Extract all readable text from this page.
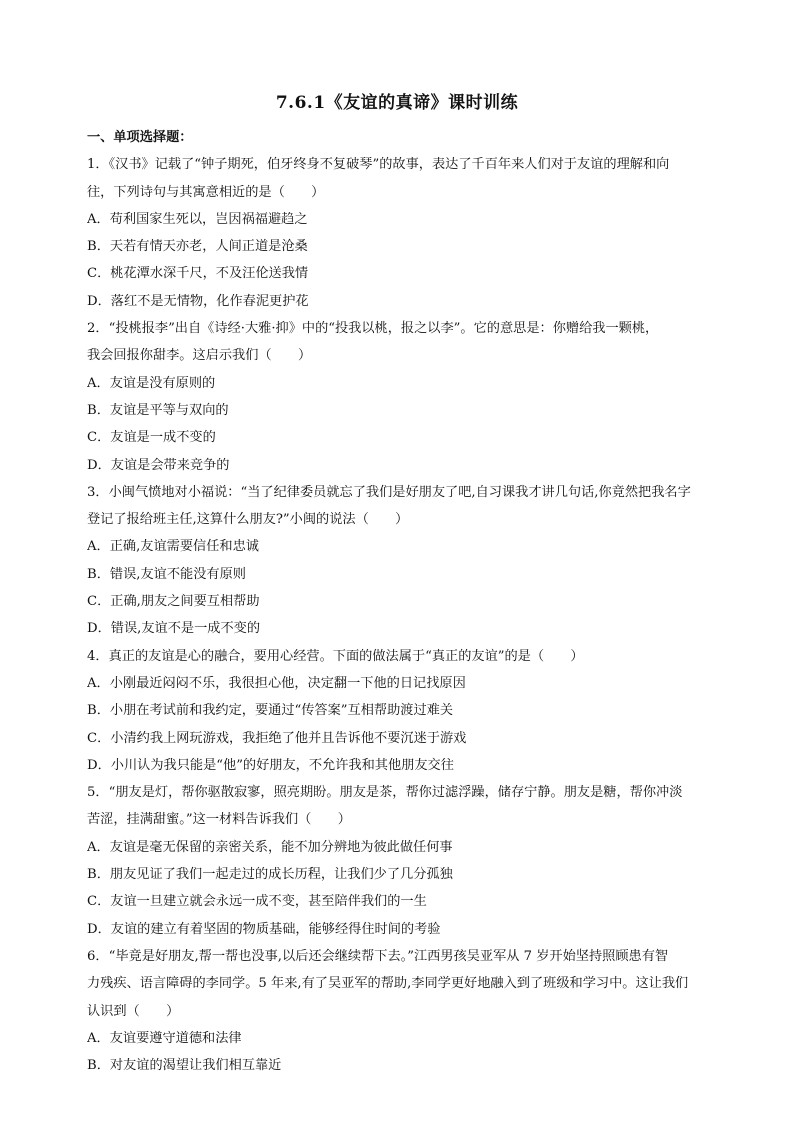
7.6.1《友谊的真谛》课时训练
一、单项选择题：
1．《汉书》记载了“钟子期死，伯牙终身不复破琴”的故事，表达了千百年来人们对于友谊的理解和向
往，下列诗句与其寓意相近的是（　　）
A．苟利国家生死以，岂因祸福避趋之
B．天若有情天亦老，人间正道是沧桑
C．桃花潭水深千尺，不及汪伦送我情
D．落红不是无情物，化作春泥更护花
2．“投桃报李”出自《诗经·大雅·抑》中的“投我以桃，报之以李”。它的意思是：你赠给我一颗桃，
我会回报你甜李。这启示我们（　　）
A．友谊是没有原则的
B．友谊是平等与双向的
C．友谊是一成不变的
D．友谊是会带来竞争的
3．小闽气愤地对小福说：“当了纪律委员就忘了我们是好朋友了吧,自习课我才讲几句话,你竟然把我名字
登记了报给班主任,这算什么朋友?”小闽的说法（　　）
A．正确,友谊需要信任和忠诚
B．错误,友谊不能没有原则
C．正确,朋友之间要互相帮助
D．错误,友谊不是一成不变的
4．真正的友谊是心的融合，要用心经营。下面的做法属于“真正的友谊”的是（　　）
A．小刚最近闷闷不乐，我很担心他，决定翻一下他的日记找原因
B．小朋在考试前和我约定，要通过“传答案”互相帮助渡过难关
C．小清约我上网玩游戏，我拒绝了他并且告诉他不要沉迷于游戏
D．小川认为我只能是“他”的好朋友，不允许我和其他朋友交往
5．“朋友是灯，帮你驱散寂寥，照亮期盼。朋友是茶，帮你过滤浮躁，储存宁静。朋友是糖，帮你冲淡
苦涩，挂满甜蜜。”这一材料告诉我们（　　）
A．友谊是毫无保留的亲密关系，能不加分辨地为彼此做任何事
B．朋友见证了我们一起走过的成长历程，让我们少了几分孤独
C．友谊一旦建立就会永远一成不变，甚至陪伴我们的一生
D．友谊的建立有着坚固的物质基础，能够经得住时间的考验
6．“毕竟是好朋友,帮一帮也没事,以后还会继续帮下去。”江西男孩吴亚军从 7 岁开始坚持照顾患有智
力残疾、语言障碍的李同学。5 年来,有了吴亚军的帮助,李同学更好地融入到了班级和学习中。这让我们
认识到（　　）
A．友谊要遵守道德和法律
B．对友谊的渴望让我们相互靠近
